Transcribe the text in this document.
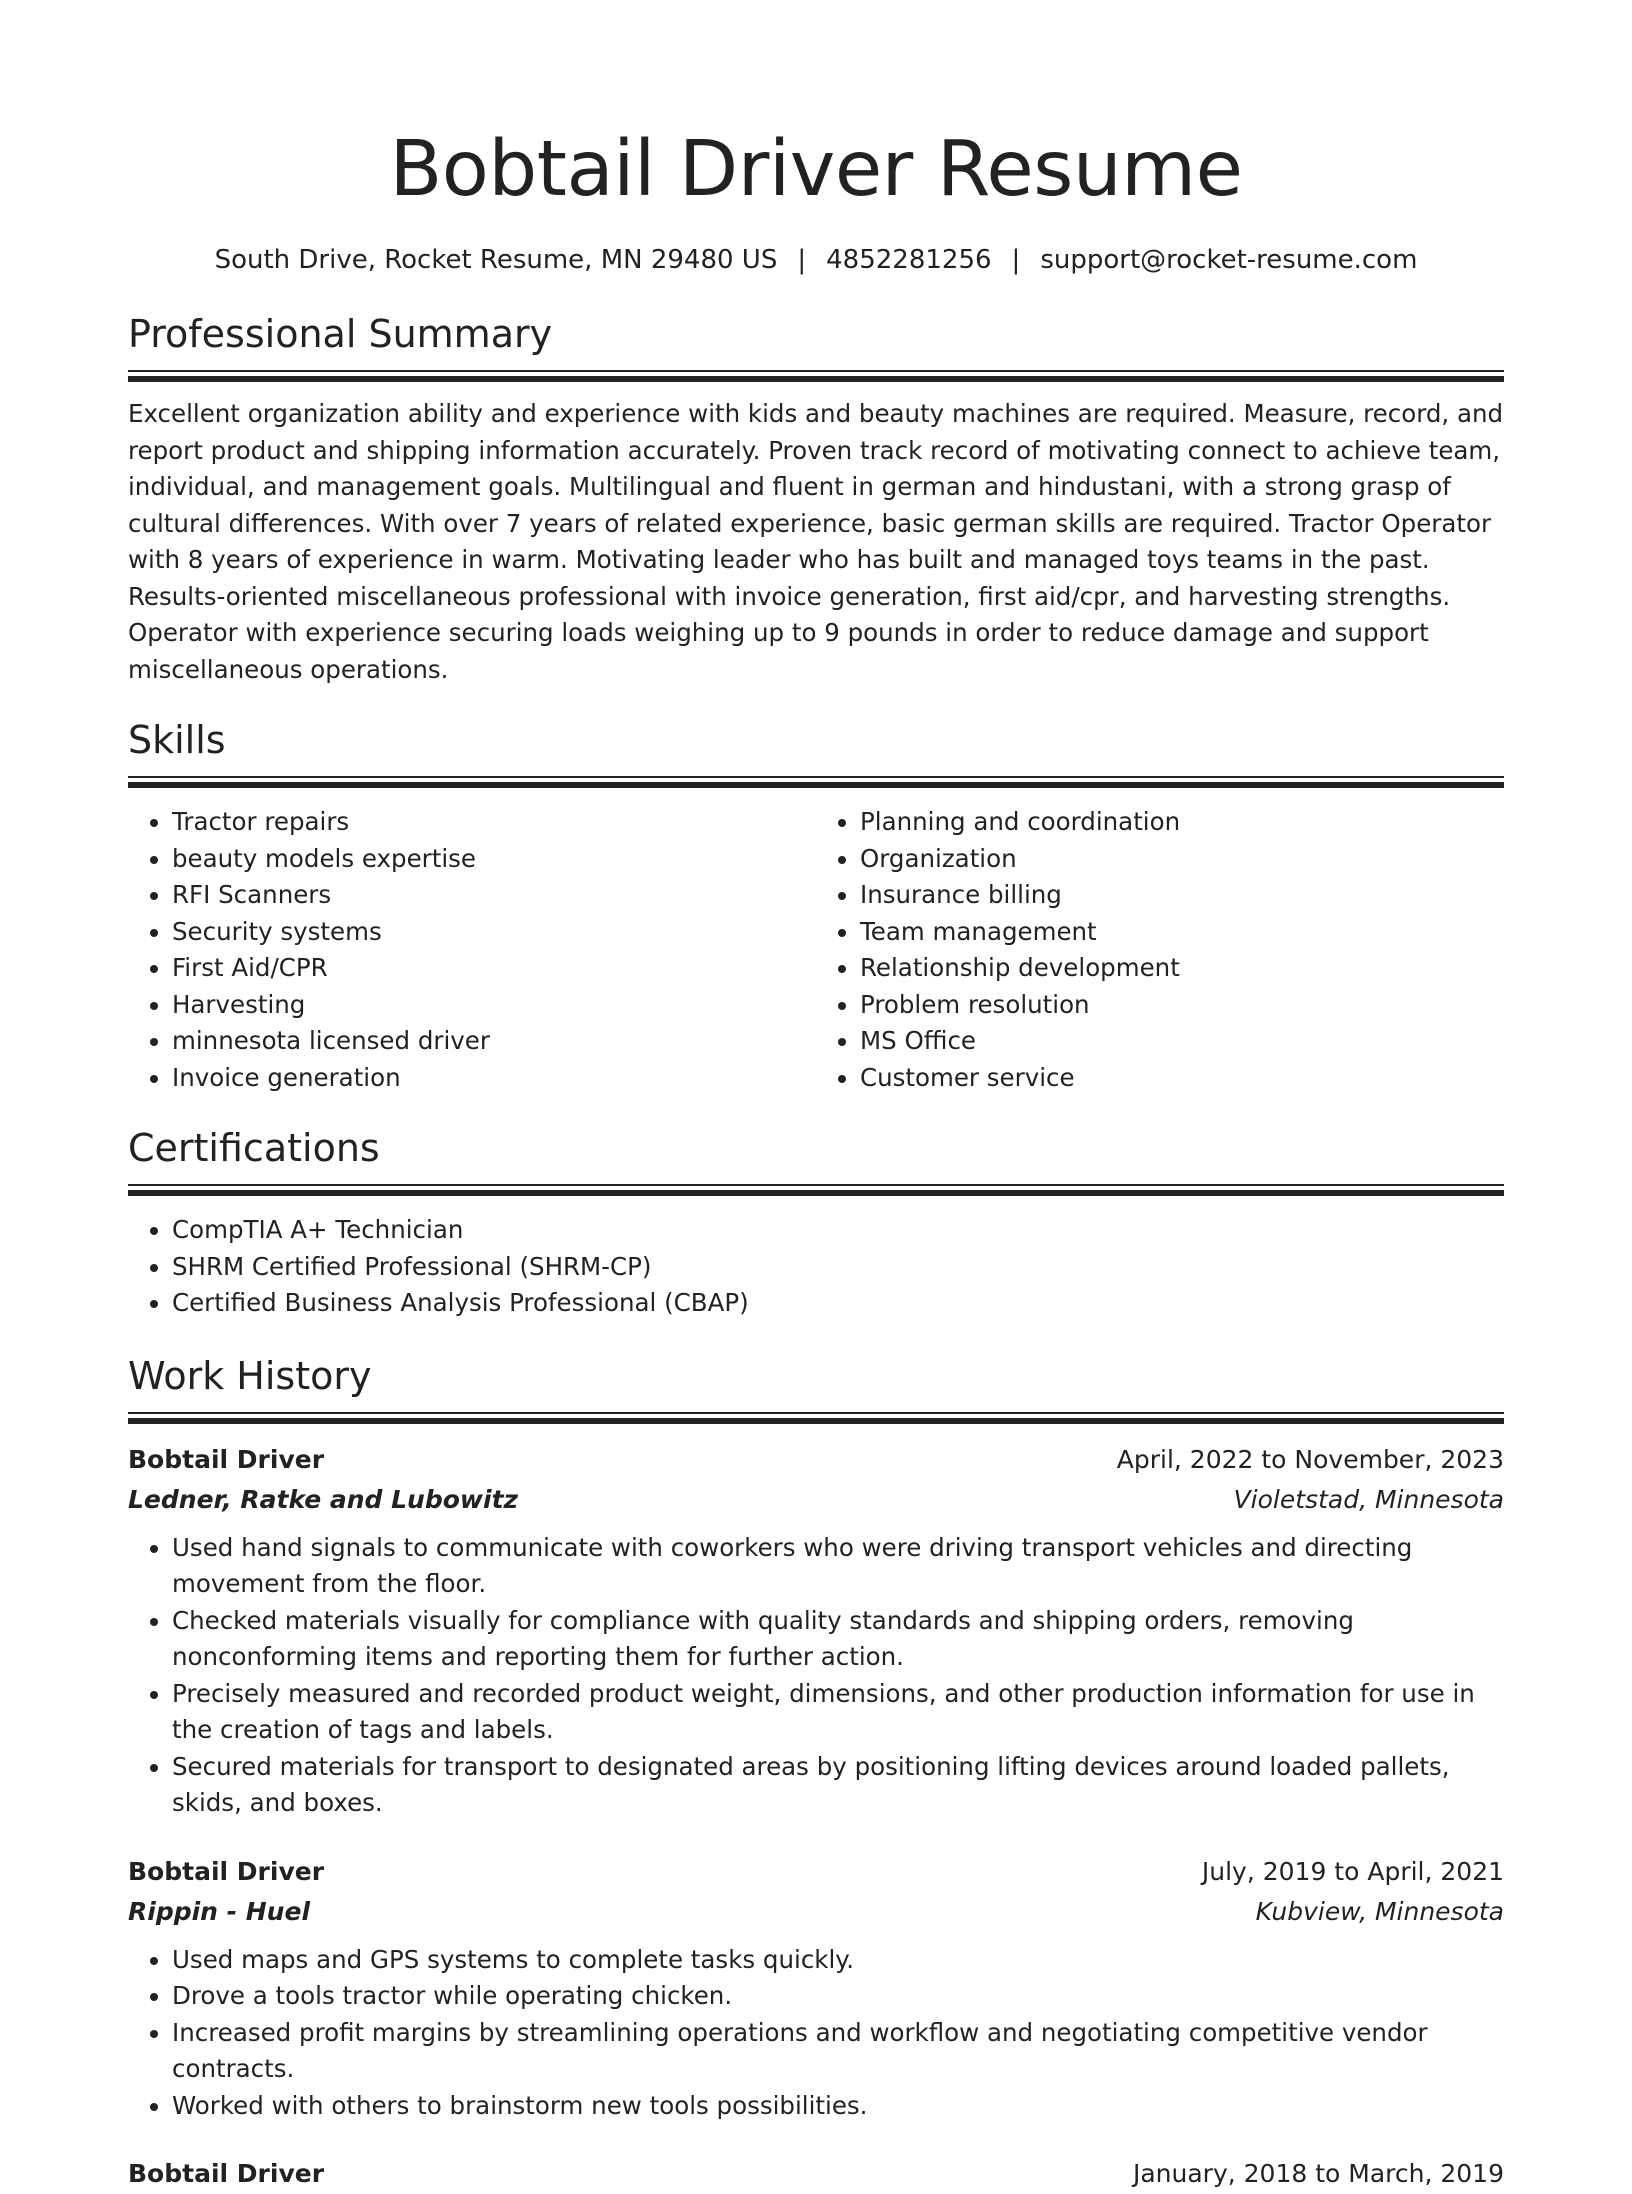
Bobtail Driver Resume
South Drive, Rocket Resume, MN 29480 US | 4852281256 | support@rocket-resume.com
Professional Summary

Excellent organization ability and experience with kids and beauty machines are required. Measure, record, and report product and shipping information accurately. Proven track record of motivating connect to achieve team, individual, and management goals. Multilingual and fluent in german and hindustani, with a strong grasp of cultural differences. With over 7 years of related experience, basic german skills are required. Tractor Operator with 8 years of experience in warm. Motivating leader who has built and managed toys teams in the past. Results-oriented miscellaneous professional with invoice generation, first aid/cpr, and harvesting strengths. Operator with experience securing loads weighing up to 9 pounds in order to reduce damage and support miscellaneous operations.

Skills
• Tractor repairs
• beauty models expertise
• RFI Scanners
• Security systems
• First Aid/CPR
• Harvesting
• minnesota licensed driver
• Invoice generation
• Planning and coordination
• Organization
• Insurance billing
• Team management
• Relationship development
• Problem resolution
• MS Office
• Customer service
Certifications
• CompTIA A+ Technician
• SHRM Certified Professional (SHRM-CP)
• Certified Business Analysis Professional (CBAP)
Work History
Bobtail Driver	April, 2022 to November, 2023
Ledner, Ratke and Lubowitz	Violetstad, Minnesota
• Used hand signals to communicate with coworkers who were driving transport vehicles and directing movement from the floor.
• Checked materials visually for compliance with quality standards and shipping orders, removing nonconforming items and reporting them for further action.
• Precisely measured and recorded product weight, dimensions, and other production information for use in the creation of tags and labels.
• Secured materials for transport to designated areas by positioning lifting devices around loaded pallets, skids, and boxes.
Bobtail Driver	July, 2019 to April, 2021
Rippin - Huel	Kubview, Minnesota
• Used maps and GPS systems to complete tasks quickly.
• Drove a tools tractor while operating chicken.
• Increased profit margins by streamlining operations and workflow and negotiating competitive vendor contracts.
• Worked with others to brainstorm new tools possibilities.
Bobtail Driver	January, 2018 to March, 2019
